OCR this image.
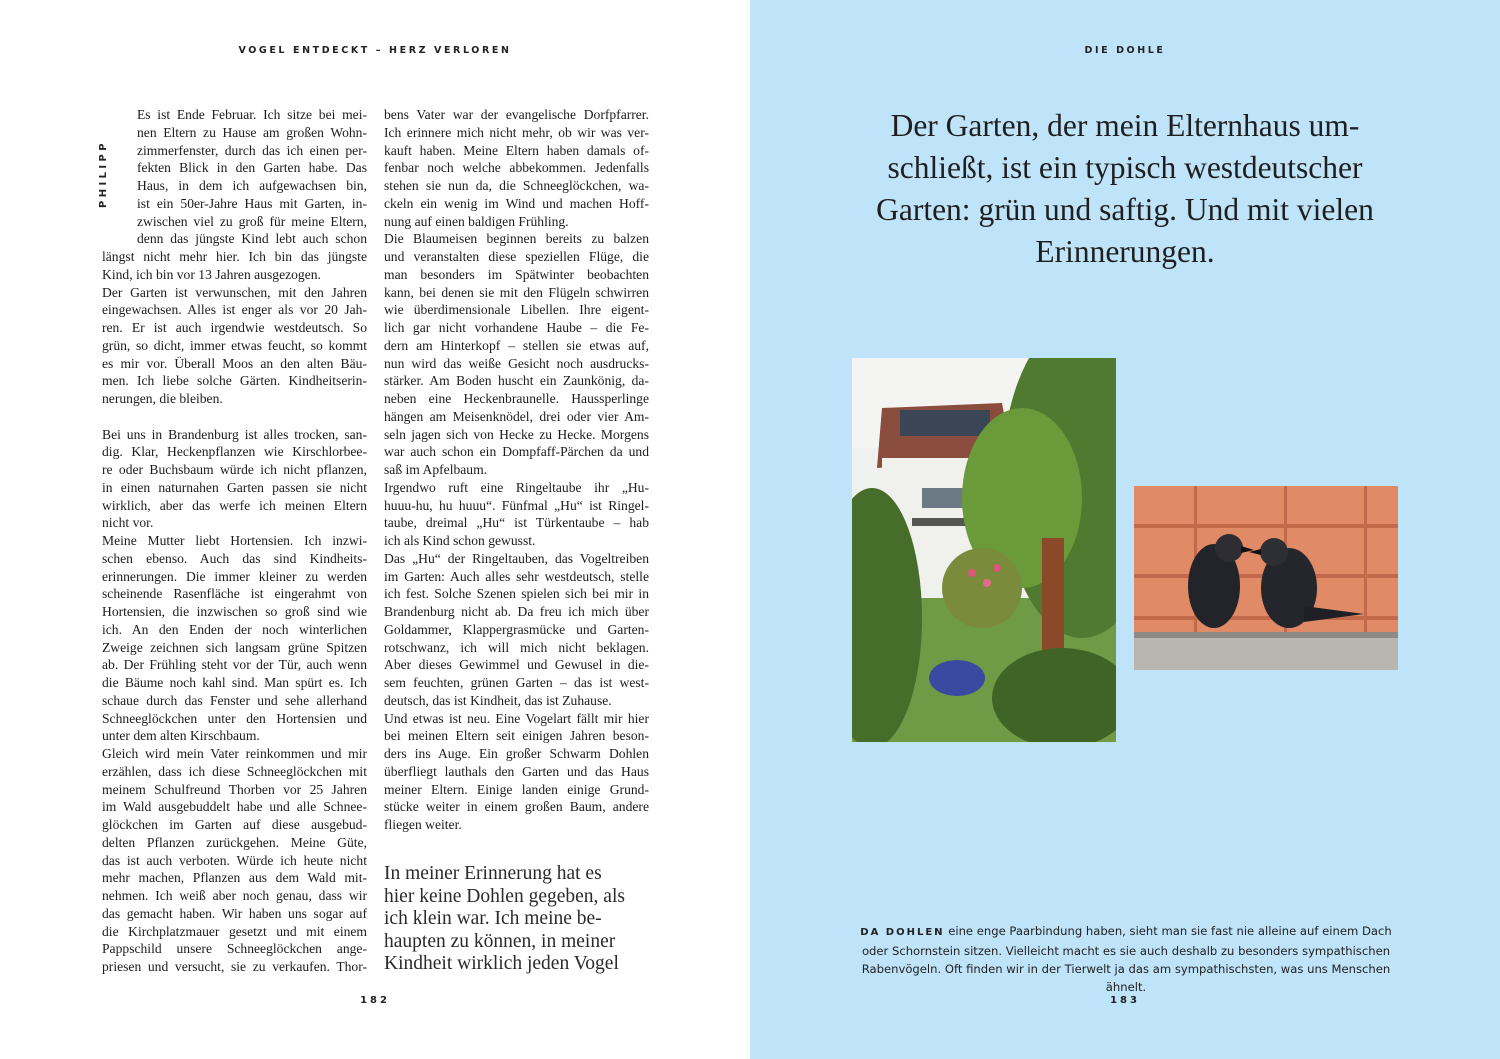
VOGEL ENTDECKT – HERZ VERLOREN
PHILIPP
Es ist Ende Februar. Ich sitze bei mei-
nen Eltern zu Hause am großen Wohn-
zimmerfenster, durch das ich einen per-
fekten Blick in den Garten habe. Das
Haus, in dem ich aufgewachsen bin,
ist ein 50er-Jahre Haus mit Garten, in-
zwischen viel zu groß für meine Eltern,
denn das jüngste Kind lebt auch schon
längst nicht mehr hier. Ich bin das jüngste
Kind, ich bin vor 13 Jahren ausgezogen.
Der Garten ist verwunschen, mit den Jahren
eingewachsen. Alles ist enger als vor 20 Jah-
ren. Er ist auch irgendwie westdeutsch. So
grün, so dicht, immer etwas feucht, so kommt
es mir vor. Überall Moos an den alten Bäu-
men. Ich liebe solche Gärten. Kindheitserin-
nerungen, die bleiben.
Bei uns in Brandenburg ist alles trocken, san-
dig. Klar, Heckenpflanzen wie Kirschlorbee-
re oder Buchsbaum würde ich nicht pflanzen,
in einen naturnahen Garten passen sie nicht
wirklich, aber das werfe ich meinen Eltern
nicht vor.
Meine Mutter liebt Hortensien. Ich inzwi-
schen ebenso. Auch das sind Kindheits-
erinnerungen. Die immer kleiner zu werden
scheinende Rasenfläche ist eingerahmt von
Hortensien, die inzwischen so groß sind wie
ich. An den Enden der noch winterlichen
Zweige zeichnen sich langsam grüne Spitzen
ab. Der Frühling steht vor der Tür, auch wenn
die Bäume noch kahl sind. Man spürt es. Ich
schaue durch das Fenster und sehe allerhand
Schneeglöckchen unter den Hortensien und
unter dem alten Kirschbaum.
Gleich wird mein Vater reinkommen und mir
erzählen, dass ich diese Schneeglöckchen mit
meinem Schulfreund Thorben vor 25 Jahren
im Wald ausgebuddelt habe und alle Schnee-
glöckchen im Garten auf diese ausgebud-
delten Pflanzen zurückgehen. Meine Güte,
das ist auch verboten. Würde ich heute nicht
mehr machen, Pflanzen aus dem Wald mit-
nehmen. Ich weiß aber noch genau, dass wir
das gemacht haben. Wir haben uns sogar auf
die Kirchplatzmauer gesetzt und mit einem
Pappschild unsere Schneeglöckchen ange-
priesen und versucht, sie zu verkaufen. Thor-
bens Vater war der evangelische Dorfpfarrer.
Ich erinnere mich nicht mehr, ob wir was ver-
kauft haben. Meine Eltern haben damals of-
fenbar noch welche abbekommen. Jedenfalls
stehen sie nun da, die Schneeglöckchen, wa-
ckeln ein wenig im Wind und machen Hoff-
nung auf einen baldigen Frühling.
Die Blaumeisen beginnen bereits zu balzen
und veranstalten diese speziellen Flüge, die
man besonders im Spätwinter beobachten
kann, bei denen sie mit den Flügeln schwirren
wie überdimensionale Libellen. Ihre eigent-
lich gar nicht vorhandene Haube – die Fe-
dern am Hinterkopf – stellen sie etwas auf,
nun wird das weiße Gesicht noch ausdrucks-
stärker. Am Boden huscht ein Zaunkönig, da-
neben eine Heckenbraunelle. Haussperlinge
hängen am Meisenknödel, drei oder vier Am-
seln jagen sich von Hecke zu Hecke. Morgens
war auch schon ein Dompfaff-Pärchen da und
saß im Apfelbaum.
Irgendwo ruft eine Ringeltaube ihr „Hu-
huuu-hu, hu huuu“. Fünfmal „Hu“ ist Ringel-
taube, dreimal „Hu“ ist Türkentaube – hab
ich als Kind schon gewusst.
Das „Hu“ der Ringeltauben, das Vogeltreiben
im Garten: Auch alles sehr westdeutsch, stelle
ich fest. Solche Szenen spielen sich bei mir in
Brandenburg nicht ab. Da freu ich mich über
Goldammer, Klappergrasmücke und Garten-
rotschwanz, ich will mich nicht beklagen.
Aber dieses Gewimmel und Gewusel in die-
sem feuchten, grünen Garten – das ist west-
deutsch, das ist Kindheit, das ist Zuhause.
Und etwas ist neu. Eine Vogelart fällt mir hier
bei meinen Eltern seit einigen Jahren beson-
ders ins Auge. Ein großer Schwarm Dohlen
überfliegt lauthals den Garten und das Haus
meiner Eltern. Einige landen einige Grund-
stücke weiter in einem großen Baum, andere
fliegen weiter.
In meiner Erinnerung hat es
hier keine Dohlen gegeben, als
ich klein war. Ich meine be-
haupten zu können, in meiner
Kindheit wirklich jeden Vogel
182
DIE DOHLE
183
Der Garten, der mein Elternhaus um-
schließt, ist ein typisch westdeutscher
Garten: grün und saftig. Und mit vielen
Erinnerungen.
DA DOHLEN eine enge Paarbindung haben, sieht man sie fast nie alleine auf einem Dach oder Schornstein sitzen. Vielleicht macht es sie auch deshalb zu besonders sympathischen Rabenvögeln. Oft finden wir in der Tierwelt ja das am sympathischsten, was uns Menschen ähnelt.
